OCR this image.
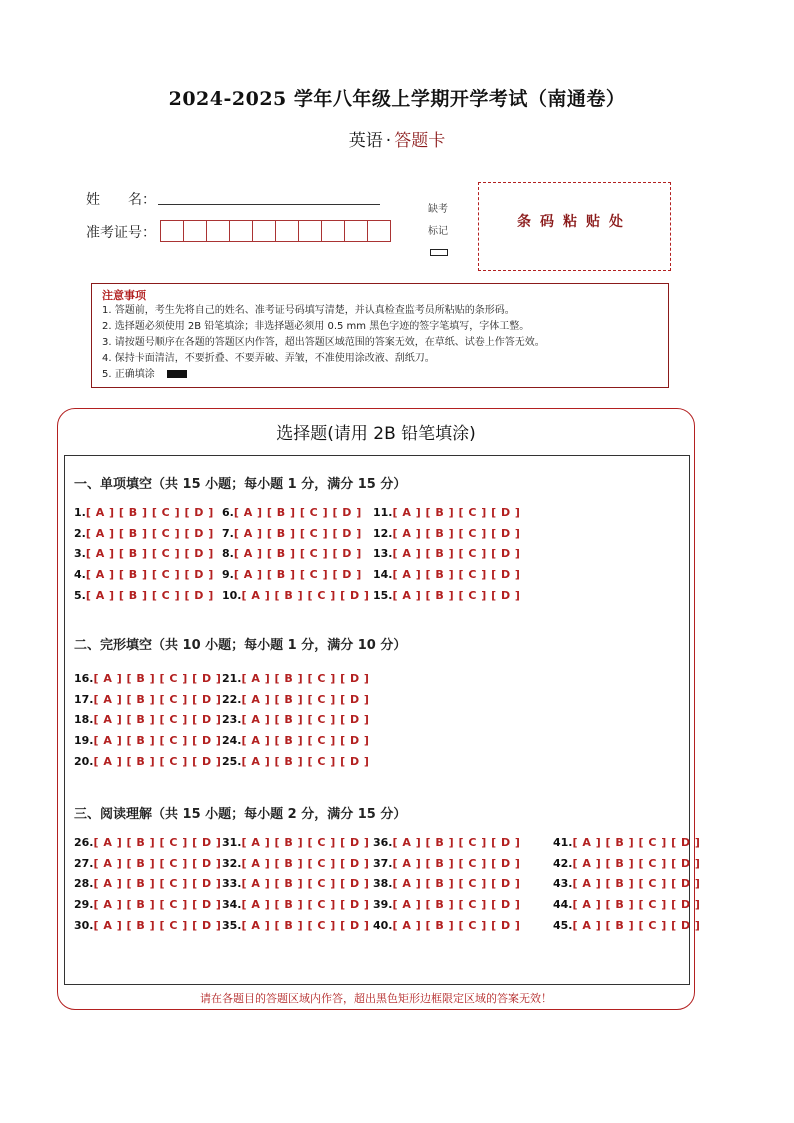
2024-2025 学年八年级上学期开学考试（南通卷）
英语 · 答题卡
姓　　名：
准考证号：
缺考
标记
条码粘贴处
注意事项
1. 答题前，考生先将自己的姓名、准考证号码填写清楚，并认真检查监考员所粘贴的条形码。
2. 选择题必须使用 2B 铅笔填涂；非选择题必须用 0.5 mm 黑色字迹的签字笔填写，字体工整。
3. 请按题号顺序在各题的答题区内作答，超出答题区域范围的答案无效，在草纸、试卷上作答无效。
4. 保持卡面清洁，不要折叠、不要弄破、弄皱，不准使用涂改液、刮纸刀。
5. 正确填涂
选择题(请用 2B 铅笔填涂)
一、单项填空（共 15 小题；每小题 1 分，满分 15 分）
二、完形填空（共 10 小题；每小题 1 分，满分 10 分）
三、阅读理解（共 15 小题；每小题 2 分，满分 15 分）
1.[ A ] [ B ] [ C ] [ D ]
2.[ A ] [ B ] [ C ] [ D ]
3.[ A ] [ B ] [ C ] [ D ]
4.[ A ] [ B ] [ C ] [ D ]
5.[ A ] [ B ] [ C ] [ D ]
6.[ A ] [ B ] [ C ] [ D ]
7.[ A ] [ B ] [ C ] [ D ]
8.[ A ] [ B ] [ C ] [ D ]
9.[ A ] [ B ] [ C ] [ D ]
10.[ A ] [ B ] [ C ] [ D ]
11.[ A ] [ B ] [ C ] [ D ]
12.[ A ] [ B ] [ C ] [ D ]
13.[ A ] [ B ] [ C ] [ D ]
14.[ A ] [ B ] [ C ] [ D ]
15.[ A ] [ B ] [ C ] [ D ]
16.[ A ] [ B ] [ C ] [ D ]
17.[ A ] [ B ] [ C ] [ D ]
18.[ A ] [ B ] [ C ] [ D ]
19.[ A ] [ B ] [ C ] [ D ]
20.[ A ] [ B ] [ C ] [ D ]
21.[ A ] [ B ] [ C ] [ D ]
22.[ A ] [ B ] [ C ] [ D ]
23.[ A ] [ B ] [ C ] [ D ]
24.[ A ] [ B ] [ C ] [ D ]
25.[ A ] [ B ] [ C ] [ D ]
26.[ A ] [ B ] [ C ] [ D ]
27.[ A ] [ B ] [ C ] [ D ]
28.[ A ] [ B ] [ C ] [ D ]
29.[ A ] [ B ] [ C ] [ D ]
30.[ A ] [ B ] [ C ] [ D ]
31.[ A ] [ B ] [ C ] [ D ]
32.[ A ] [ B ] [ C ] [ D ]
33.[ A ] [ B ] [ C ] [ D ]
34.[ A ] [ B ] [ C ] [ D ]
35.[ A ] [ B ] [ C ] [ D ]
36.[ A ] [ B ] [ C ] [ D ]
37.[ A ] [ B ] [ C ] [ D ]
38.[ A ] [ B ] [ C ] [ D ]
39.[ A ] [ B ] [ C ] [ D ]
40.[ A ] [ B ] [ C ] [ D ]
41.[ A ] [ B ] [ C ] [ D ]
42.[ A ] [ B ] [ C ] [ D ]
43.[ A ] [ B ] [ C ] [ D ]
44.[ A ] [ B ] [ C ] [ D ]
45.[ A ] [ B ] [ C ] [ D ]
请在各题目的答题区域内作答，超出黑色矩形边框限定区域的答案无效！
